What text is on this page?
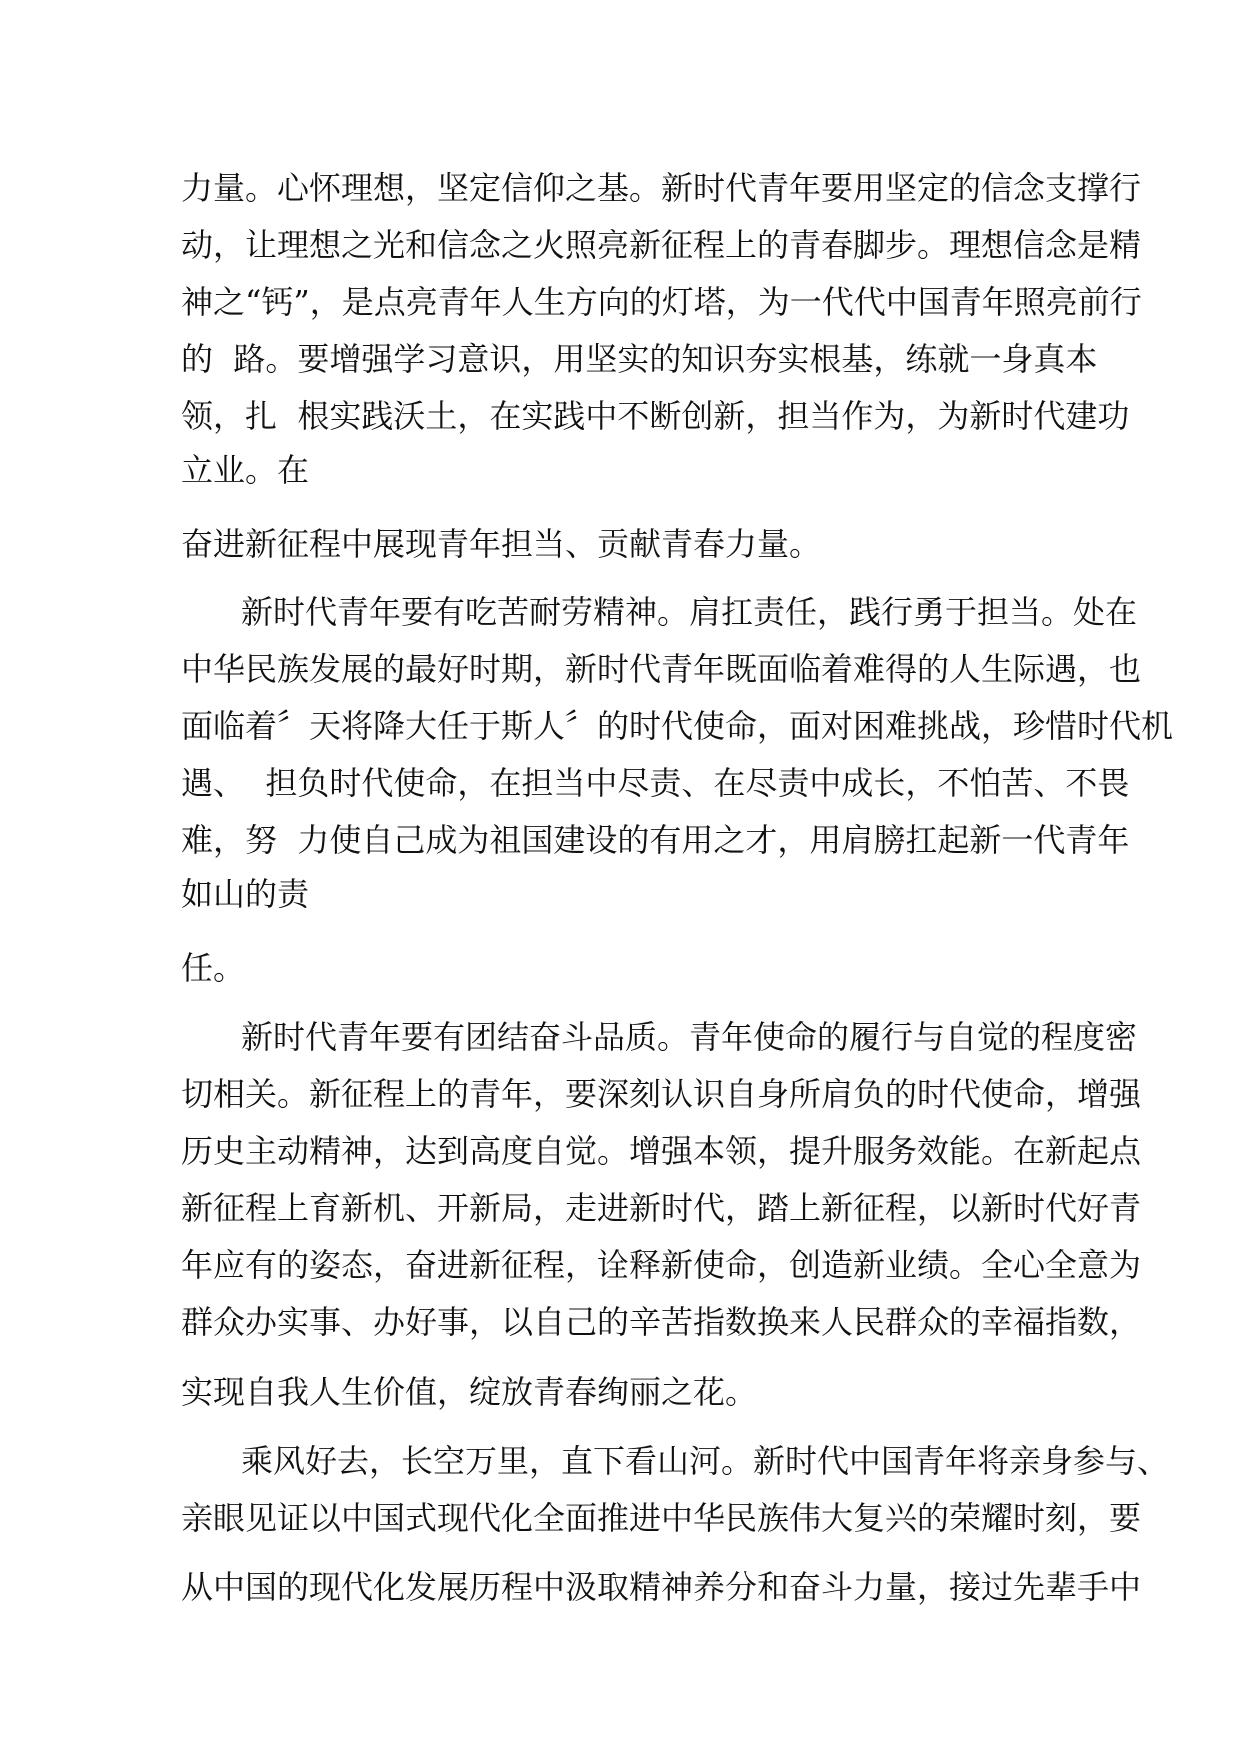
力量。心怀理想，坚定信仰之基。新时代青年要用坚定的信念支撑行

动，让理想之光和信念之火照亮新征程上的青春脚步。理想信念是精

神之“钙”，是点亮青年人生方向的灯塔，为一代代中国青年照亮前行

的  路。要增强学习意识，用坚实的知识夯实根基，练就一身真本

领，扎  根实践沃土，在实践中不断创新，担当作为，为新时代建功

立业。在

奋进新征程中展现青年担当、贡献青春力量。

新时代青年要有吃苦耐劳精神。肩扛责任，践行勇于担当。处在

中华民族发展的最好时期，新时代青年既面临着难得的人生际遇，也

面临着〞天将降大任于斯人〞的时代使命，面对困难挑战，珍惜时代机

遇、  担负时代使命，在担当中尽责、在尽责中成长，不怕苦、不畏

难，努  力使自己成为祖国建设的有用之才，用肩膀扛起新一代青年

如山的责

任。

新时代青年要有团结奋斗品质。青年使命的履行与自觉的程度密

切相关。新征程上的青年，要深刻认识自身所肩负的时代使命，增强

历史主动精神，达到高度自觉。增强本领，提升服务效能。在新起点

新征程上育新机、开新局，走进新时代，踏上新征程，以新时代好青

年应有的姿态，奋进新征程，诠释新使命，创造新业绩。全心全意为

群众办实事、办好事，以自己的辛苦指数换来人民群众的幸福指数，

实现自我人生价值，绽放青春绚丽之花。

乘风好去，长空万里，直下看山河。新时代中国青年将亲身参与、

亲眼见证以中国式现代化全面推进中华民族伟大复兴的荣耀时刻，要

从中国的现代化发展历程中汲取精神养分和奋斗力量，接过先辈手中
